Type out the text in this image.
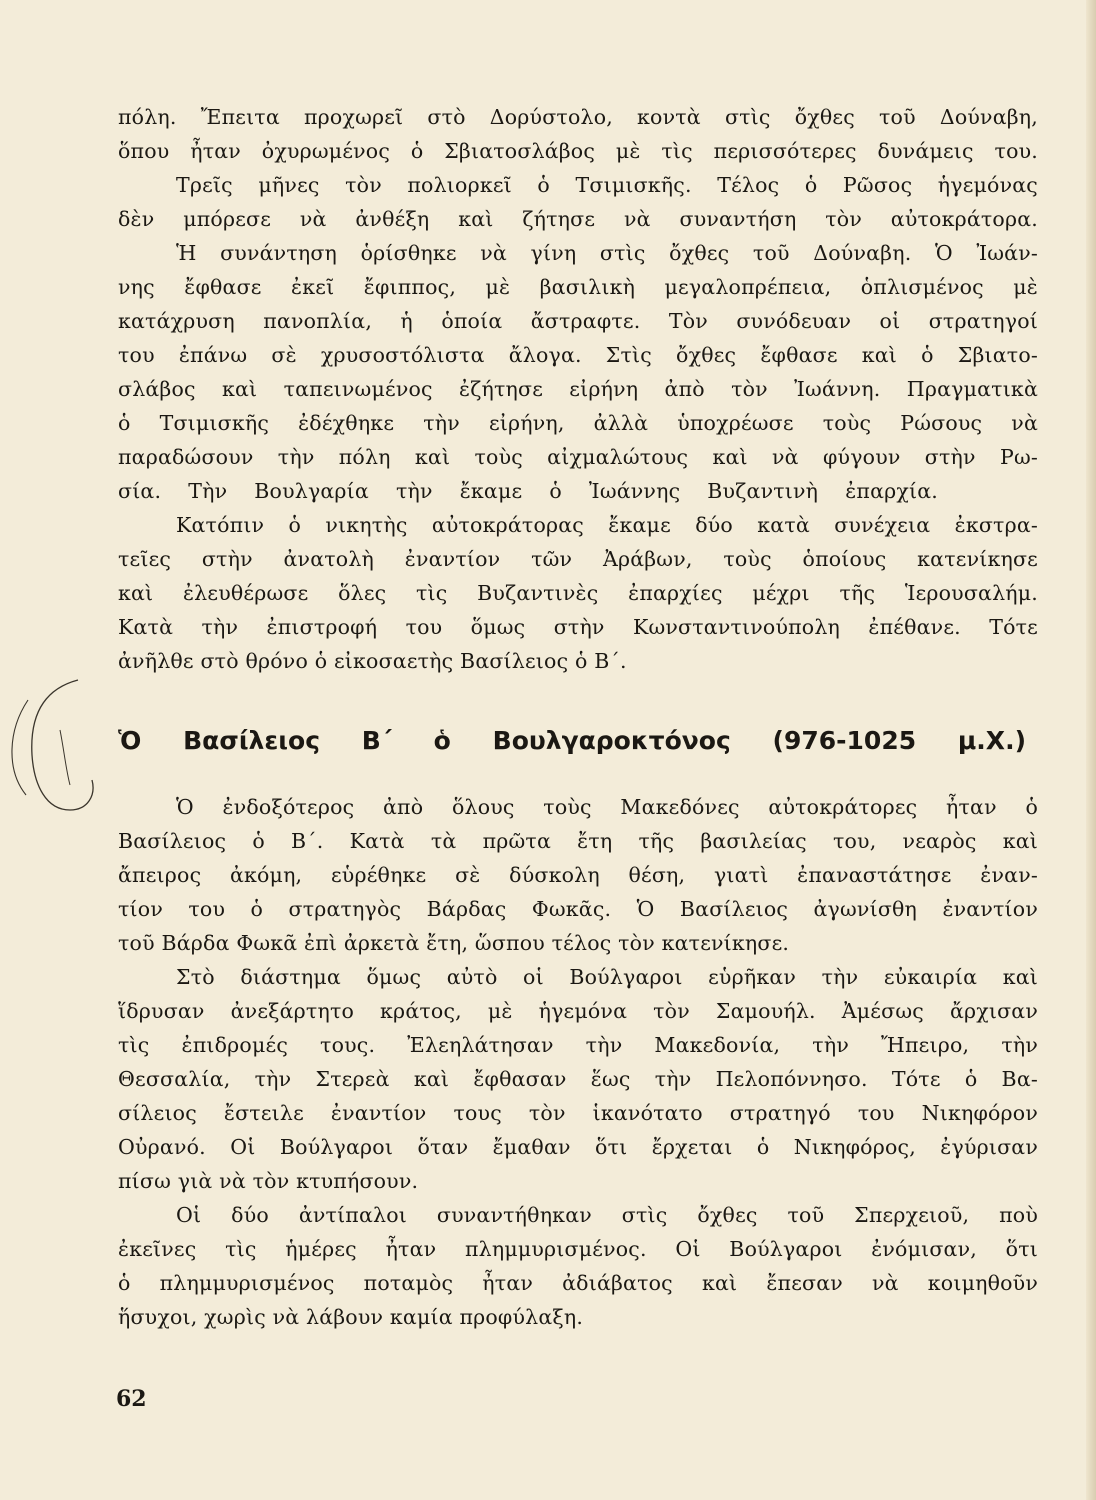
πόλη. Ἔπειτα προχωρεῖ στὸ Δορύστολο, κοντὰ στὶς ὄχθες τοῦ Δούναβη,
ὅπου ἦταν ὀχυρωμένος ὁ Σβιατοσλάβος μὲ τὶς περισσότερες δυνάμεις του.
Τρεῖς μῆνες τὸν πολιορκεῖ ὁ Τσιμισκῆς. Τέλος ὁ Ρῶσος ἡγεμόνας
δὲν μπόρεσε νὰ ἀνθέξη καὶ ζήτησε νὰ συναντήση τὸν αὐτοκράτορα.
Ἡ συνάντηση ὁρίσθηκε νὰ γίνη στὶς ὄχθες τοῦ Δούναβη. Ὁ Ἰωάν-
νης ἔφθασε ἐκεῖ ἔφιππος, μὲ βασιλικὴ μεγαλοπρέπεια, ὁπλισμένος μὲ
κατάχρυση πανοπλία, ἡ ὁποία ἄστραφτε. Τὸν συνόδευαν οἱ στρατηγοί
του ἐπάνω σὲ χρυσοστόλιστα ἄλογα. Στὶς ὄχθες ἔφθασε καὶ ὁ Σβιατο-
σλάβος καὶ ταπεινωμένος ἐζήτησε εἰρήνη ἀπὸ τὸν Ἰωάννη. Πραγματικὰ
ὁ Τσιμισκῆς ἐδέχθηκε τὴν εἰρήνη, ἀλλὰ ὑποχρέωσε τοὺς Ρώσους νὰ
παραδώσουν τὴν πόλη καὶ τοὺς αἰχμαλώτους καὶ νὰ φύγουν στὴν Ρω-
σία. Τὴν Βουλγαρία τὴν ἔκαμε ὁ Ἰωάννης Βυζαντινὴ ἐπαρχία.
Κατόπιν ὁ νικητὴς αὐτοκράτορας ἔκαμε δύο κατὰ συνέχεια ἐκστρα-
τεῖες στὴν ἀνατολὴ ἐναντίον τῶν Ἀράβων, τοὺς ὁποίους κατενίκησε
καὶ ἐλευθέρωσε ὅλες τὶς Βυζαντινὲς ἐπαρχίες μέχρι τῆς Ἱερουσαλήμ.
Κατὰ τὴν ἐπιστροφή του ὅμως στὴν Κωνσταντινούπολη ἐπέθανε. Τότε
ἀνῆλθε στὸ θρόνο ὁ εἰκοσαετὴς Βασίλειος ὁ Β΄.
Ὁ Βασίλειος Β΄ ὁ Βουλγαροκτόνος (976-1025 μ.Χ.)
Ὁ ἐνδοξότερος ἀπὸ ὅλους τοὺς Μακεδόνες αὐτοκράτορες ἦταν ὁ
Βασίλειος ὁ Β΄. Κατὰ τὰ πρῶτα ἔτη τῆς βασιλείας του, νεαρὸς καὶ
ἄπειρος ἀκόμη, εὑρέθηκε σὲ δύσκολη θέση, γιατὶ ἐπαναστάτησε ἐναν-
τίον του ὁ στρατηγὸς Βάρδας Φωκᾶς. Ὁ Βασίλειος ἀγωνίσθη ἐναντίον
τοῦ Βάρδα Φωκᾶ ἐπὶ ἀρκετὰ ἔτη, ὥσπου τέλος τὸν κατενίκησε.
Στὸ διάστημα ὅμως αὐτὸ οἱ Βούλγαροι εὑρῆκαν τὴν εὐκαιρία καὶ
ἵδρυσαν ἀνεξάρτητο κράτος, μὲ ἡγεμόνα τὸν Σαμουήλ. Ἀμέσως ἄρχισαν
τὶς ἐπιδρομές τους. Ἐλεηλάτησαν τὴν Μακεδονία, τὴν Ἤπειρο, τὴν
Θεσσαλία, τὴν Στερεὰ καὶ ἔφθασαν ἕως τὴν Πελοπόννησο. Τότε ὁ Βα-
σίλειος ἔστειλε ἐναντίον τους τὸν ἱκανότατο στρατηγό του Νικηφόρον
Οὐρανό. Οἱ Βούλγαροι ὅταν ἔμαθαν ὅτι ἔρχεται ὁ Νικηφόρος, ἐγύρισαν
πίσω γιὰ νὰ τὸν κτυπήσουν.
Οἱ δύο ἀντίπαλοι συναντήθηκαν στὶς ὄχθες τοῦ Σπερχειοῦ, ποὺ
ἐκεῖνες τὶς ἡμέρες ἦταν πλημμυρισμένος. Οἱ Βούλγαροι ἐνόμισαν, ὅτι
ὁ πλημμυρισμένος ποταμὸς ἦταν ἀδιάβατος καὶ ἔπεσαν νὰ κοιμηθοῦν
ἥσυχοι, χωρὶς νὰ λάβουν καμία προφύλαξη.
62
